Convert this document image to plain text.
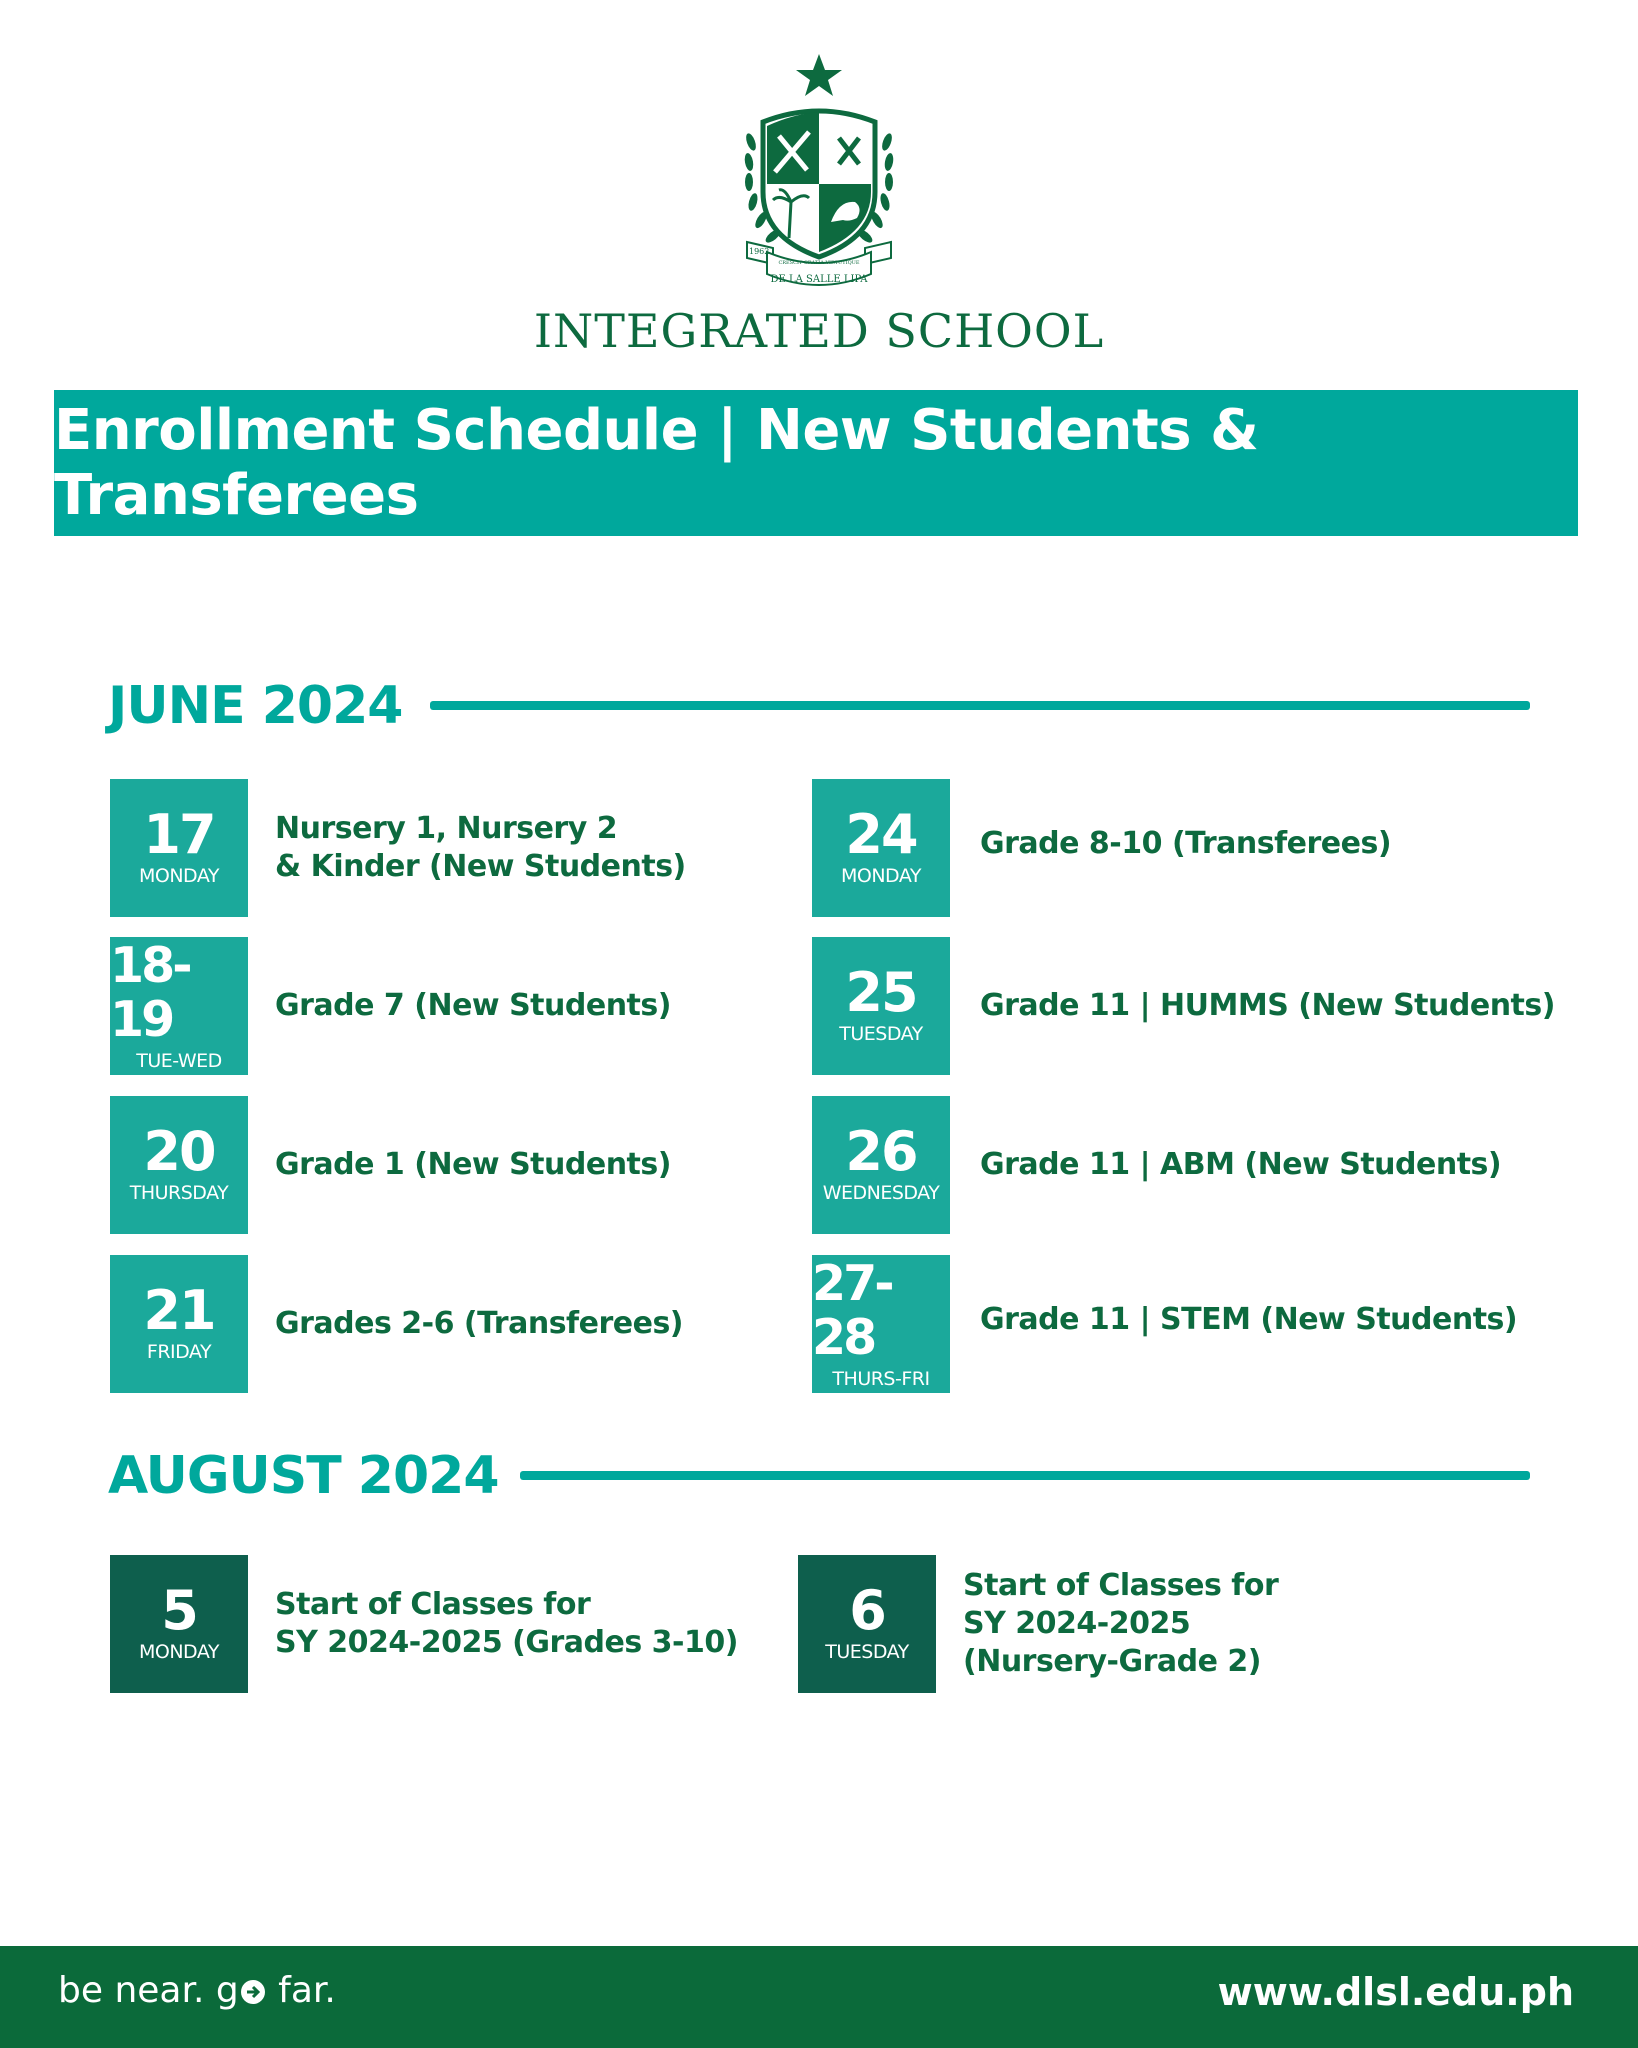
1962
CRESCIT GRATIA VIRTUTIQUE
DE LA SALLE LIPA
INTEGRATED SCHOOL
Enrollment Schedule | New Students & Transferees
JUNE 2024
17
MONDAY
Nursery 1, Nursery 2
& Kinder (New Students)
18-19
TUE-WED
Grade 7 (New Students)
20
THURSDAY
Grade 1 (New Students)
21
FRIDAY
Grades 2-6 (Transferees)
24
MONDAY
Grade 8-10 (Transferees)
25
TUESDAY
Grade 11 | HUMMS (New Students)
26
WEDNESDAY
Grade 11 | ABM (New Students)
27-28
THURS-FRI
Grade 11 | STEM (New Students)
AUGUST 2024
5
MONDAY
Start of Classes for
SY 2024-2025 (Grades 3-10)
6
TUESDAY
Start of Classes for
SY 2024-2025
(Nursery-Grade 2)
be near. g far.	www.dlsl.edu.ph
